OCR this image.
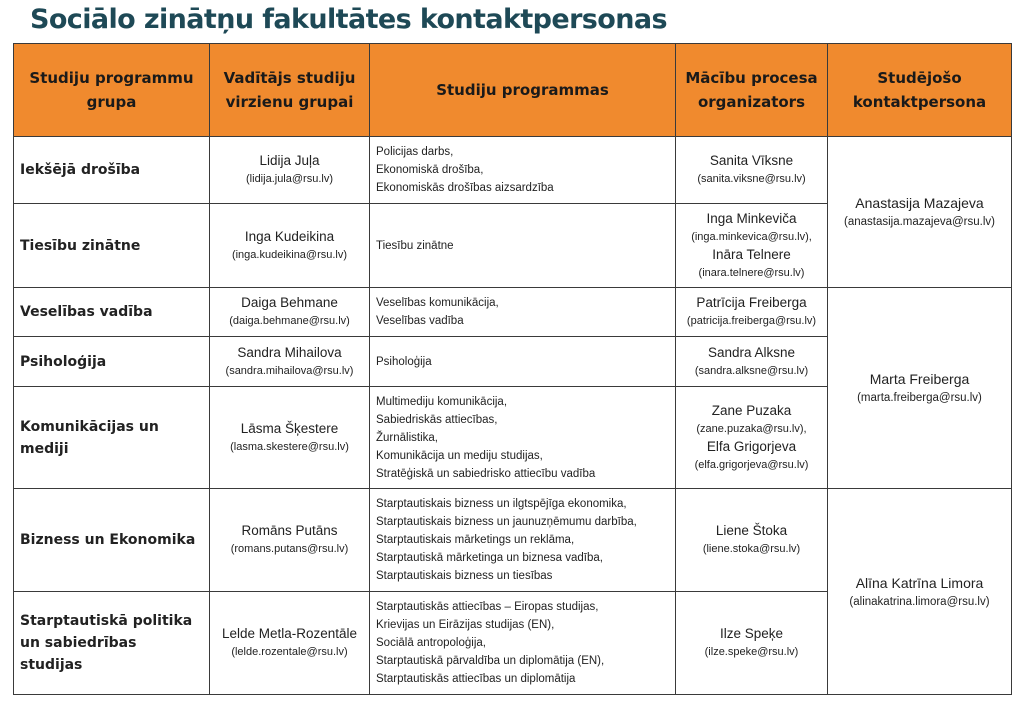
Sociālo zinātņu fakultātes kontaktpersonas
Studiju programmu grupa	Vadītājs studiju virzienu grupai	Studiju programmas	Mācību procesa organizators	Studējošo kontaktpersona
Iekšējā drošība	Lidija Juļa
(lidija.jula@rsu.lv)	Policijas darbs,
Ekonomiskā drošība,
Ekonomiskās drošības aizsardzība	Sanita Vīksne
(sanita.viksne@rsu.lv)	Anastasija Mazajeva
(anastasija.mazajeva@rsu.lv)

Tiesību zinātne	Inga Kudeikina
(inga.kudeikina@rsu.lv)	Tiesību zinātne	Inga Minkeviča
(inga.minkevica@rsu.lv),
Ināra Telnere
(inara.telnere@rsu.lv)	

Veselības vadība	Daiga Behmane
(daiga.behmane@rsu.lv)	Veselības komunikācija,
Veselības vadība	Patrīcija Freiberga
(patricija.freiberga@rsu.lv)	Marta Freiberga
(marta.freiberga@rsu.lv)

Psiholoģija	Sandra Mihailova
(sandra.mihailova@rsu.lv)	Psiholoģija	Sandra Alksne
(sandra.alksne@rsu.lv)	

Komunikācijas un mediji	Lāsma Šķestere
(lasma.skestere@rsu.lv)	Multimediju komunikācija,
Sabiedriskās attiecības,
Žurnālistika,
Komunikācija un mediju studijas,
Stratēģiskā un sabiedrisko attiecību vadība	Zane Puzaka
(zane.puzaka@rsu.lv),
Elfa Grigorjeva
(elfa.grigorjeva@rsu.lv)	

Bizness un Ekonomika	Romāns Putāns
(romans.putans@rsu.lv)	Starptautiskais bizness un ilgtspējīga ekonomika,
Starptautiskais bizness un jaunuzņēmumu darbība,
Starptautiskais mārketings un reklāma,
Starptautiskā mārketinga un biznesa vadība,
Starptautiskais bizness un tiesības	Liene Štoka
(liene.stoka@rsu.lv)	Alīna Katrīna Limora
(alinakatrina.limora@rsu.lv)

Starptautiskā politika un sabiedrības studijas	Lelde Metla-Rozentāle
(lelde.rozentale@rsu.lv)	Starptautiskās attiecības – Eiropas studijas,
Krievijas un Eirāzijas studijas (EN),
Sociālā antropoloģija,
Starptautiskā pārvaldība un diplomātija (EN),
Starptautiskās attiecības un diplomātija	Ilze Speķe
(ilze.speke@rsu.lv)	
